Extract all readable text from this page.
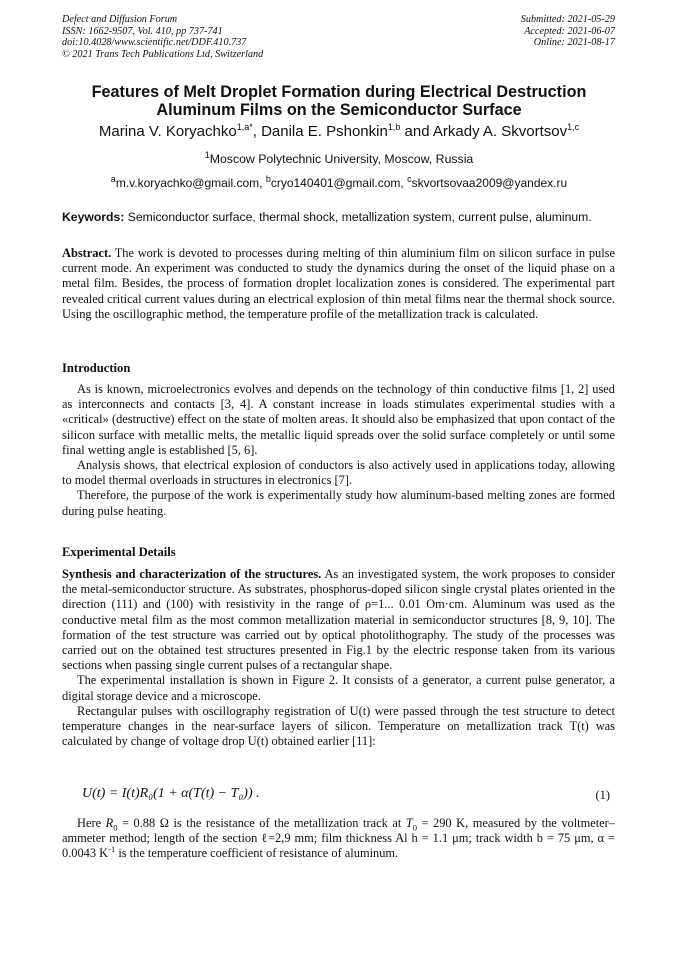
Defect and Diffusion Forum
ISSN: 1662-9507, Vol. 410, pp 737-741
doi:10.4028/www.scientific.net/DDF.410.737
© 2021 Trans Tech Publications Ltd, Switzerland
Submitted: 2021-05-29
Accepted: 2021-06-07
Online: 2021-08-17
Features of Melt Droplet Formation during Electrical Destruction
Aluminum Films on the Semiconductor Surface
Marina V. Koryachko$^{1,a*}$, Danila E. Pshonkin$^{1,b}$ and Arkady A. Skvortsov$^{1,c}$
$^1$Moscow Polytechnic University, Moscow, Russia
$^a$m.v.koryachko@gmail.com, $^b$cryo140401@gmail.com, $^c$skvortsovaa2009@yandex.ru
Keywords: Semiconductor surface, thermal shock, metallization system, current pulse, aluminum.

Abstract. The work is devoted to processes during melting of thin aluminium film on silicon surface in pulse current mode. An experiment was conducted to study the dynamics during the onset of the liquid phase on a metal film. Besides, the process of formation droplet localization zones is considered. The experimental part revealed critical current values during an electrical explosion of thin metal films near the thermal shock source. Using the oscillographic method, the temperature profile of the metallization track is calculated.

Introduction

As is known, microelectronics evolves and depends on the technology of thin conductive films [1, 2] used as interconnects and contacts [3, 4]. A constant increase in loads stimulates experimental studies with a «critical» (destructive) effect on the state of molten areas. It should also be emphasized that upon contact of the silicon surface with metallic melts, the metallic liquid spreads over the solid surface completely or until some final wetting angle is established [5, 6].

Analysis shows, that electrical explosion of conductors is also actively used in applications today, allowing to model thermal overloads in structures in electronics [7].

Therefore, the purpose of the work is experimentally study how aluminum-based melting zones are formed during pulse heating.

Experimental Details

Synthesis and characterization of the structures. As an investigated system, the work proposes to consider the metal-semiconductor structure. As substrates, phosphorus-doped silicon single crystal plates oriented in the direction (111) and (100) with resistivity in the range of ρ=1... 0.01 Om·cm. Aluminum was used as the conductive metal film as the most common metallization material in semiconductor structures [8, 9, 10]. The formation of the test structure was carried out by optical photolithography. The study of the processes was carried out on the obtained test structures presented in Fig.1 by the electric response taken from its various sections when passing single current pulses of a rectangular shape.

The experimental installation is shown in Figure 2. It consists of a generator, a current pulse generator, a digital storage device and a microscope.

Rectangular pulses with oscillography registration of U(t) were passed through the test structure to detect temperature changes in the near-surface layers of silicon. Temperature on metallization track T(t) was calculated by change of voltage drop U(t) obtained earlier [11]:

U(t) = I(t)R₀(1 + α(T(t) − T₀)) .	(1)

Here $R_0 = 0.88$ Ω is the resistance of the metallization track at $T_0 = 290$ K, measured by the voltmeter–ammeter method; length of the section ℓ=2,9 mm; film thickness Al h = 1.1 μm; track width b = 75 μm, α = 0.0043 $K^{-1}$ is the temperature coefficient of resistance of aluminum.
